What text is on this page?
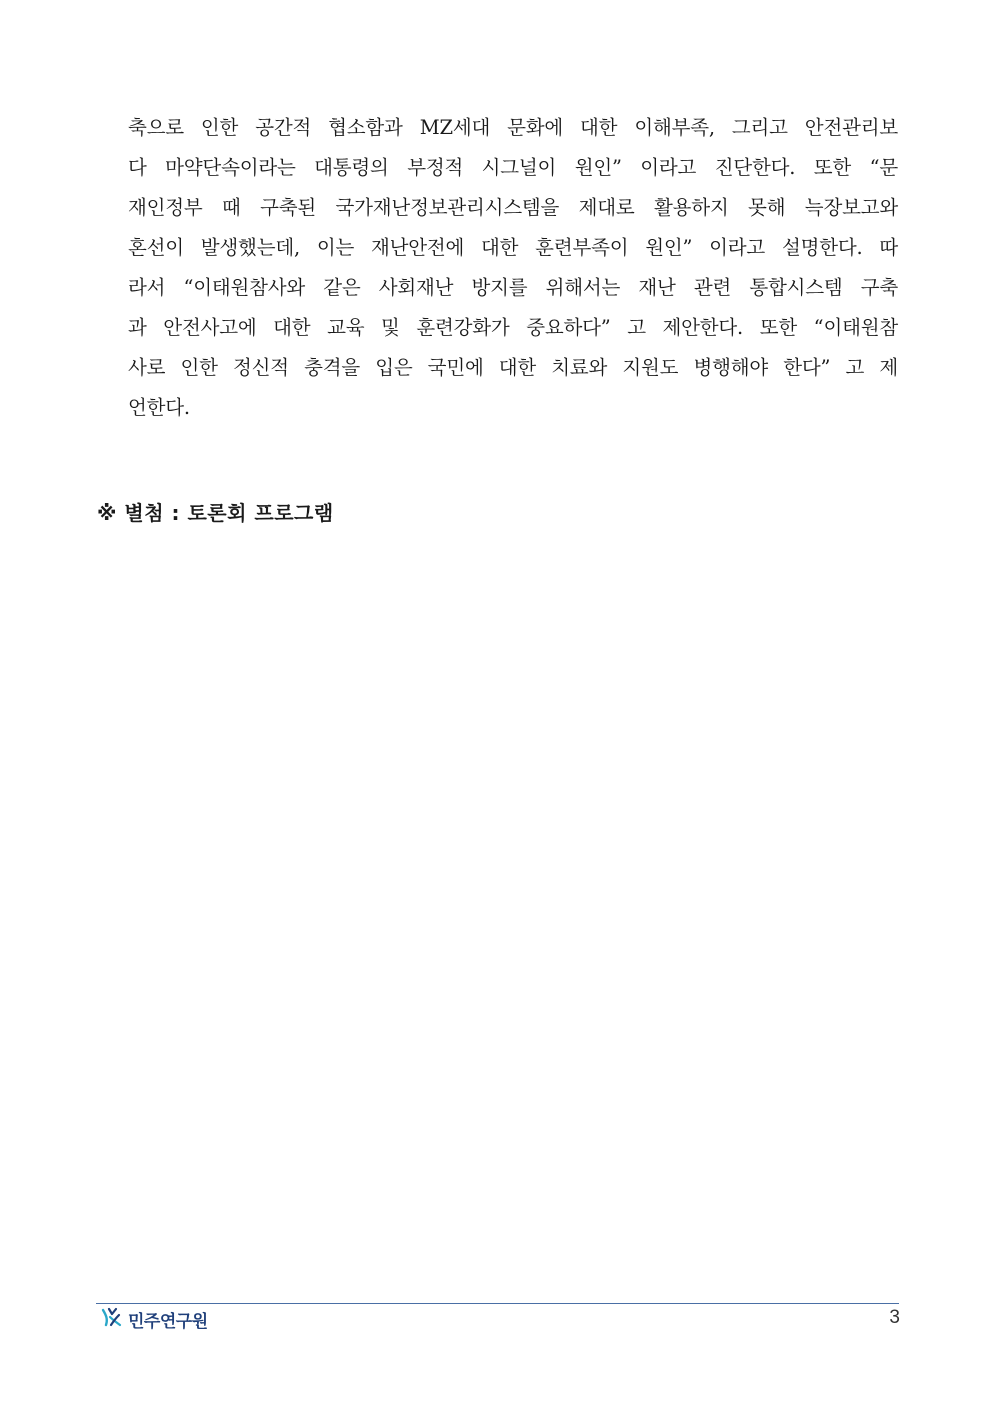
축으로 인한 공간적 협소함과 MZ세대 문화에 대한 이해부족, 그리고 안전관리보
다 마약단속이라는 대통령의 부정적 시그널이 원인” 이라고 진단한다. 또한 “문
재인정부 때 구축된 국가재난정보관리시스템을 제대로 활용하지 못해 늑장보고와
혼선이 발생했는데, 이는 재난안전에 대한 훈련부족이 원인” 이라고 설명한다. 따
라서 “이태원참사와 같은 사회재난 방지를 위해서는 재난 관련 통합시스템 구축
과 안전사고에 대한 교육 및 훈련강화가 중요하다” 고 제안한다. 또한 “이태원참
사로 인한 정신적 충격을 입은 국민에 대한 치료와 지원도 병행해야 한다” 고 제
언한다.
※ 별첨 : 토론회 프로그램
민주연구원	3
